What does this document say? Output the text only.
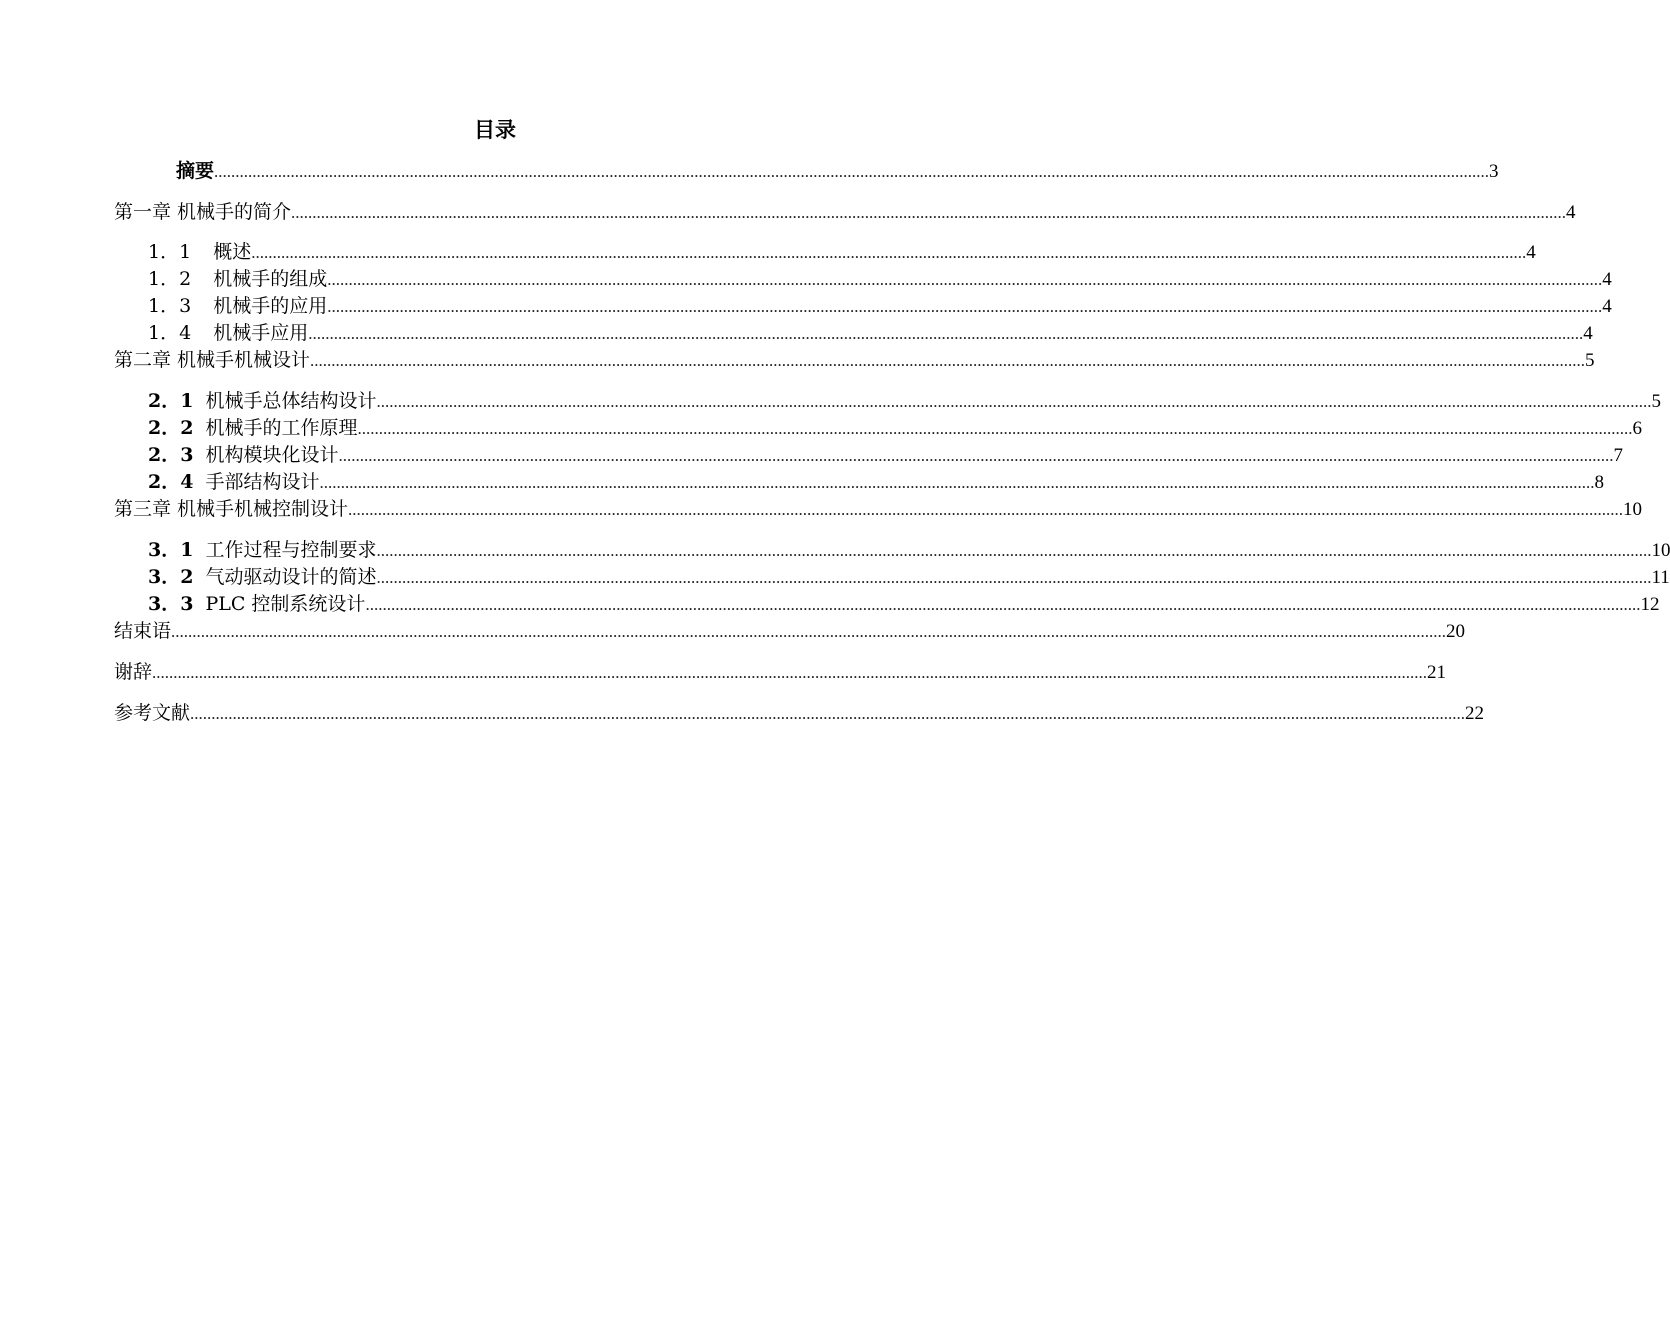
目录
摘要 ............................................................................................................................................................................................................................................................................................................ 3
第一章 机械手的简介 ............................................................................................................................................................................................................................................................................................................ 4
1．1 概述 ............................................................................................................................................................................................................................................................................................................ 4
1．2 机械手的组成 ............................................................................................................................................................................................................................................................................................................ 4
1．3 机械手的应用 ............................................................................................................................................................................................................................................................................................................ 4
1．4 机械手应用 ............................................................................................................................................................................................................................................................................................................ 4
第二章 机械手机械设计 ............................................................................................................................................................................................................................................................................................................ 5
2．1 机械手总体结构设计 ............................................................................................................................................................................................................................................................................................................ 5
2．2 机械手的工作原理 ............................................................................................................................................................................................................................................................................................................ 6
2．3 机构模块化设计 ............................................................................................................................................................................................................................................................................................................ 7
2．4 手部结构设计 ............................................................................................................................................................................................................................................................................................................ 8
第三章 机械手机械控制设计 ............................................................................................................................................................................................................................................................................................................ 10
3．1 工作过程与控制要求 ............................................................................................................................................................................................................................................................................................................ 10
3．2 气动驱动设计的简述 ............................................................................................................................................................................................................................................................................................................ 11
3．3 PLC 控制系统设计 ............................................................................................................................................................................................................................................................................................................ 12
结束语 ............................................................................................................................................................................................................................................................................................................ 20
谢辞 ............................................................................................................................................................................................................................................................................................................ 21
参考文献 ............................................................................................................................................................................................................................................................................................................ 22
